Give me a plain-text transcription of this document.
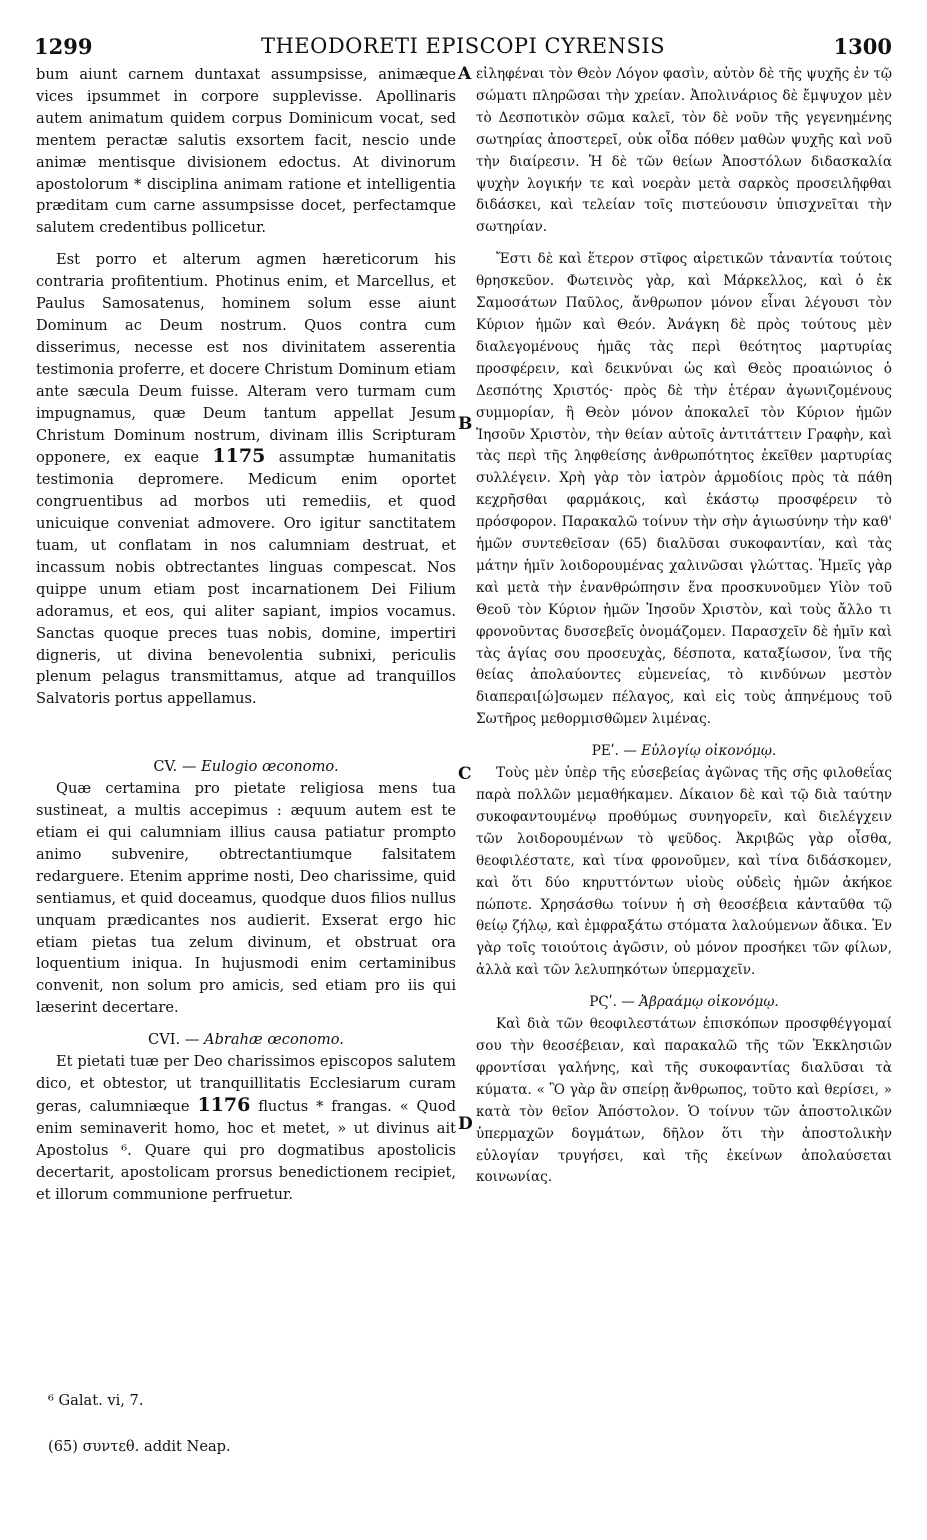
1299	THEODORETI EPISCOPI CYRENSIS	1300

bum aiunt carnem duntaxat assumpsisse, animæque vices ipsummet in corpore supplevisse. Apollinaris autem animatum quidem corpus Dominicum vocat, sed mentem peractæ salutis exsortem facit, nescio unde animæ mentisque divisionem edoctus. At divinorum apostolorum * disciplina animam ratione et intelligentia præditam cum carne assumpsisse docet, perfectamque salutem credentibus pollicetur.

Est porro et alterum agmen hæreticorum his contraria profitentium. Photinus enim, et Marcellus, et Paulus Samosatenus, hominem solum esse aiunt Dominum ac Deum nostrum. Quos contra cum disserimus, necesse est nos divinitatem asserentia testimonia proferre, et docere Christum Dominum etiam ante sæcula Deum fuisse. Alteram vero turmam cum impugnamus, quæ Deum tantum appellat Jesum Christum Dominum nostrum, divinam illis Scripturam opponere, ex eaque 1175 assumptæ humanitatis testimonia depromere. Medicum enim oportet congruentibus ad morbos uti remediis, et quod unicuique conveniat admovere. Oro igitur sanctitatem tuam, ut conflatam in nos calumniam destruat, et incassum nobis obtrectantes linguas compescat. Nos quippe unum etiam post incarnationem Dei Filium adoramus, et eos, qui aliter sapiant, impios vocamus. Sanctas quoque preces tuas nobis, domine, impertiri digneris, ut divina benevolentia subnixi, periculis plenum pelagus transmittamus, atque ad tranquillos Salvatoris portus appellamus.

CV. — Eulogio œconomo.

Quæ certamina pro pietate religiosa mens tua sustineat, a multis accepimus : æquum autem est te etiam ei qui calumniam illius causa patiatur prompto animo subvenire, obtrectantiumque falsitatem redarguere. Etenim apprime nosti, Deo charissime, quid sentiamus, et quid doceamus, quodque duos filios nullus unquam prædicantes nos audierit. Exserat ergo hic etiam pietas tua zelum divinum, et obstruat ora loquentium iniqua. In hujusmodi enim certaminibus convenit, non solum pro amicis, sed etiam pro iis qui læserint decertare.

CVI. — Abrahæ œconomo.

Et pietati tuæ per Deo charissimos episcopos salutem dico, et obtestor, ut tranquillitatis Ecclesiarum curam geras, calumniæque 1176 fluctus * frangas. « Quod enim seminaverit homo, hoc et metet, » ut divinus ait Apostolus ⁶. Quare qui pro dogmatibus apostolicis decertarit, apostolicam prorsus benedictionem recipiet, et illorum communione perfruetur.

A
B
C
D

εἰληφέναι τὸν Θεὸν Λόγον φασὶν, αὐτὸν δὲ τῆς ψυχῆς ἐν τῷ σώματι πληρῶσαι τὴν χρείαν. Ἀπολινάριος δὲ ἔμψυχον μὲν τὸ Δεσποτικὸν σῶμα καλεῖ, τὸν δὲ νοῦν τῆς γεγενημένης σωτηρίας ἀποστερεῖ, οὐκ οἶδα πόθεν μαθὼν ψυχῆς καὶ νοῦ τὴν διαίρεσιν. Ἡ δὲ τῶν θείων Ἀποστόλων διδασκαλία ψυχὴν λογικήν τε καὶ νοερὰν μετὰ σαρκὸς προσειλῆφθαι διδάσκει, καὶ τελείαν τοῖς πιστεύουσιν ὑπισχνεῖται τὴν σωτηρίαν.

Ἔστι δὲ καὶ ἕτερον στῖφος αἱρετικῶν τἀναντία τούτοις θρησκεῦον. Φωτεινὸς γὰρ, καὶ Μάρκελλος, καὶ ὁ ἐκ Σαμοσάτων Παῦλος, ἄνθρωπον μόνον εἶναι λέγουσι τὸν Κύριον ἡμῶν καὶ Θεόν. Ἀνάγκη δὲ πρὸς τούτους μὲν διαλεγομένους ἡμᾶς τὰς περὶ θεότητος μαρτυρίας προσφέρειν, καὶ δεικνύναι ὡς καὶ Θεὸς προαιώνιος ὁ Δεσπότης Χριστός· πρὸς δὲ τὴν ἑτέραν ἀγωνιζομένους συμμορίαν, ἣ Θεὸν μόνον ἀποκαλεῖ τὸν Κύριον ἡμῶν Ἰησοῦν Χριστὸν, τὴν θείαν αὐτοῖς ἀντιτάττειν Γραφὴν, καὶ τὰς περὶ τῆς ληφθείσης ἀνθρωπότητος ἐκεῖθεν μαρτυρίας συλλέγειν. Χρὴ γὰρ τὸν ἰατρὸν ἁρμοδίοις πρὸς τὰ πάθη κεχρῆσθαι φαρμάκοις, καὶ ἑκάστῳ προσφέρειν τὸ πρόσφορον. Παρακαλῶ τοίνυν τὴν σὴν ἁγιωσύνην τὴν καθ' ἡμῶν συντεθεῖσαν (65) διαλῦσαι συκοφαντίαν, καὶ τὰς μάτην ἡμῖν λοιδορουμένας χαλινῶσαι γλώττας. Ἡμεῖς γὰρ καὶ μετὰ τὴν ἐνανθρώπησιν ἕνα προσκυνοῦμεν Υἱὸν τοῦ Θεοῦ τὸν Κύριον ἡμῶν Ἰησοῦν Χριστὸν, καὶ τοὺς ἄλλο τι φρονοῦντας δυσσεβεῖς ὀνομάζομεν. Παρασχεῖν δὲ ἡμῖν καὶ τὰς ἁγίας σου προσευχὰς, δέσποτα, καταξίωσον, ἵνα τῆς θείας ἀπολαύοντες εὐμενείας, τὸ κινδύνων μεστὸν διαπεραι[ώ]σωμεν πέλαγος, καὶ εἰς τοὺς ἀπηνέμους τοῦ Σωτῆρος μεθορμισθῶμεν λιμένας.

ΡΕʹ. — Εὐλογίῳ οἰκονόμῳ.

Τοὺς μὲν ὑπὲρ τῆς εὐσεβείας ἀγῶνας τῆς σῆς φιλοθεΐας παρὰ πολλῶν μεμαθήκαμεν. Δίκαιον δὲ καὶ τῷ διὰ ταύτην συκοφαντουμένῳ προθύμως συνηγορεῖν, καὶ διελέγχειν τῶν λοιδορουμένων τὸ ψεῦδος. Ἀκριβῶς γὰρ οἶσθα, θεοφιλέστατε, καὶ τίνα φρονοῦμεν, καὶ τίνα διδάσκομεν, καὶ ὅτι δύο κηρυττόντων υἱοὺς οὐδεὶς ἡμῶν ἀκήκοε πώποτε. Χρησάσθω τοίνυν ἡ σὴ θεοσέβεια κἀνταῦθα τῷ θείῳ ζήλῳ, καὶ ἐμφραξάτω στόματα λαλούμενων ἄδικα. Ἐν γὰρ τοῖς τοιούτοις ἀγῶσιν, οὐ μόνον προσήκει τῶν φίλων, ἀλλὰ καὶ τῶν λελυπηκότων ὑπερμαχεῖν.

ΡϚʹ. — Ἀβραάμῳ οἰκονόμῳ.

Καὶ διὰ τῶν θεοφιλεστάτων ἐπισκόπων προσφθέγγομαί σου τὴν θεοσέβειαν, καὶ παρακαλῶ τῆς τῶν Ἐκκλησιῶν φροντίσαι γαλήνης, καὶ τῆς συκοφαντίας διαλῦσαι τὰ κύματα. « Ὃ γὰρ ἂν σπείρῃ ἄνθρωπος, τοῦτο καὶ θερίσει, » κατὰ τὸν θεῖον Ἀπόστολον. Ὁ τοίνυν τῶν ἀποστολικῶν ὑπερμαχῶν δογμάτων, δῆλον ὅτι τὴν ἀποστολικὴν εὐλογίαν τρυγήσει, καὶ τῆς ἐκείνων ἀπολαύσεται κοινωνίας.

⁶ Galat. vi, 7.
(65) συντεθ. addit Neap.
